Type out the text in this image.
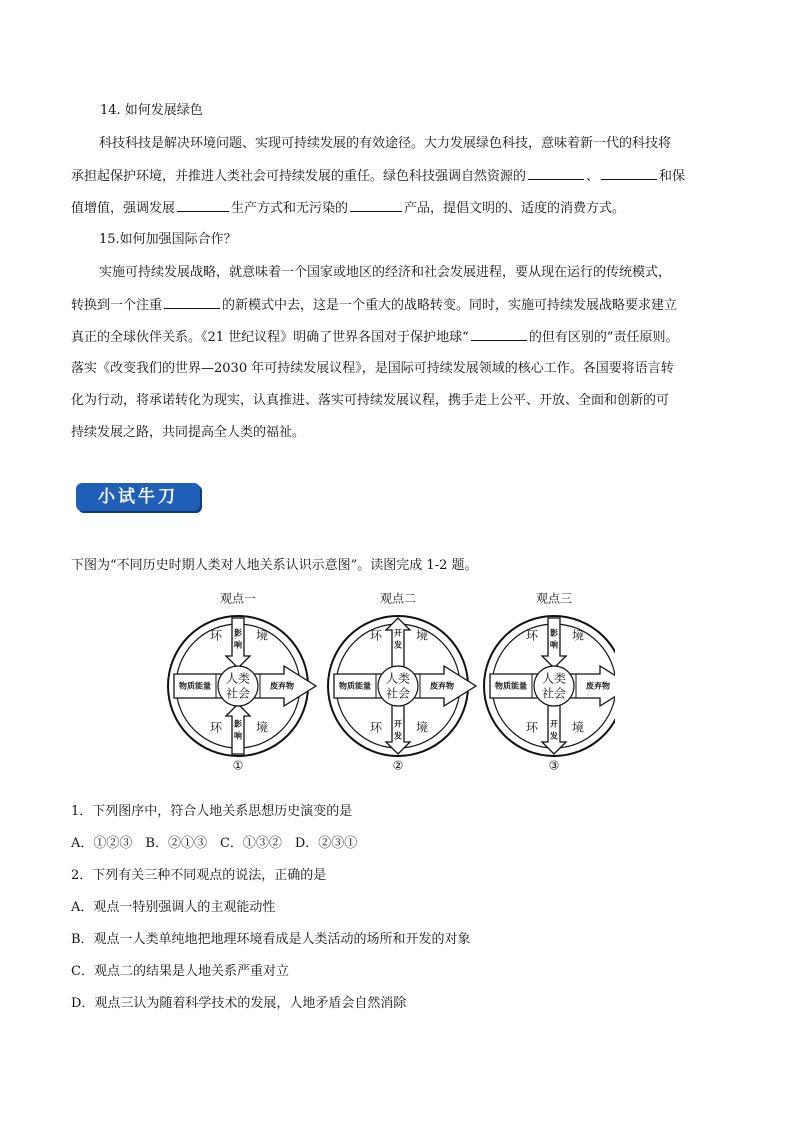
14. 如何发展绿色
科技科技是解决环境问题、实现可持续发展的有效途径。大力发展绿色科技，意味着新一代的科技将
承担起保护环境，并推进人类社会可持续发展的重任。绿色科技强调自然资源的	、	和保
值增值，强调发展	生产方式和无污染的	产品，提倡文明的、适度的消费方式。
15.如何加强国际合作？
实施可持续发展战略，就意味着一个国家或地区的经济和社会发展进程，要从现在运行的传统模式，
转换到一个注重	的新模式中去，这是一个重大的战略转变。同时，实施可持续发展战略要求建立
真正的全球伙伴关系。《21 世纪议程》明确了世界各国对于保护地球“	的但有区别的”责任原则。
落实《改变我们的世界—2030 年可持续发展议程》，是国际可持续发展领域的核心工作。各国要将语言转
化为行动，将承诺转化为现实，认真推进、落实可持续发展议程，携手走上公平、开放、全面和创新的可
持续发展之路，共同提高全人类的福祉。
小试牛刀
下图为“不同历史时期人类对人地关系认识示意图”。读图完成 1-2 题。
观点一
人类
社会
物质能量	废弃物
影
响
影
响
环	境
环	境
①
观点二
人类
社会
物质能量	废弃物
开
发
开
发
环	境
环	境
②
观点三
人类
社会
物质能量	废弃物
影
响
开
发
环	境
环	境
③
1．下列图序中，符合人地关系思想历史演变的是
A．①②③　B．②①③　C．①③②　D．②③①
2．下列有关三种不同观点的说法，正确的是
A．观点一特别强调人的主观能动性
B．观点一人类单纯地把地理环境看成是人类活动的场所和开发的对象
C．观点二的结果是人地关系严重对立
D．观点三认为随着科学技术的发展，人地矛盾会自然消除
